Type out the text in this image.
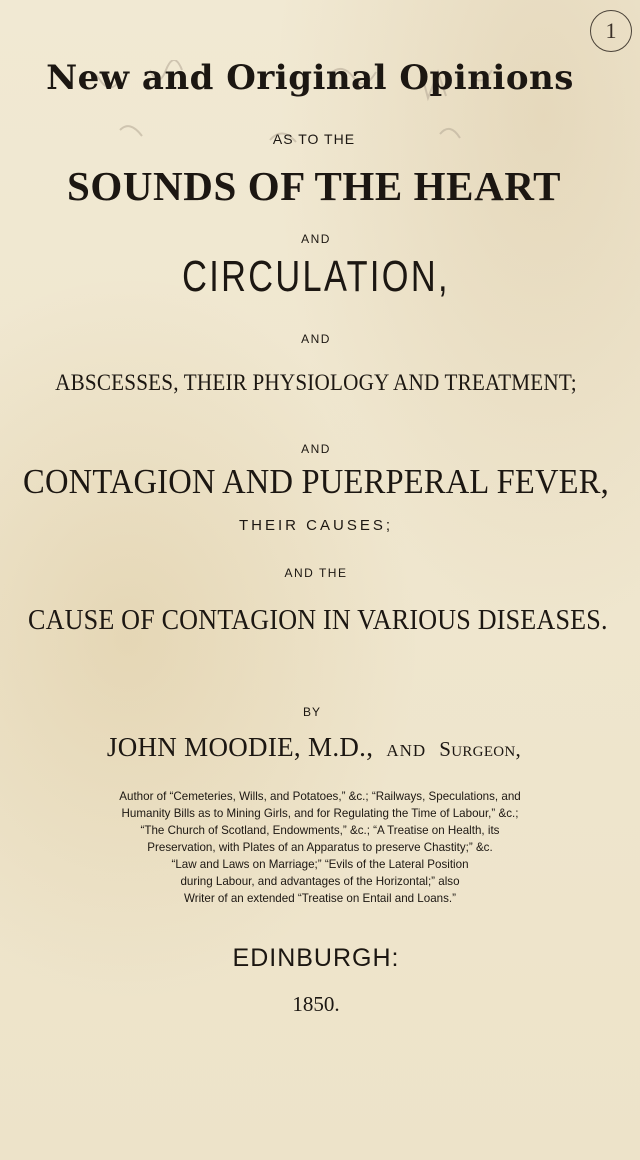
1
New and Original Opinions
AS TO THE
SOUNDS OF THE HEART
AND
CIRCULATION,
AND
ABSCESSES, THEIR PHYSIOLOGY AND TREATMENT;
AND
CONTAGION AND PUERPERAL FEVER,
THEIR CAUSES;
AND THE
CAUSE OF CONTAGION IN VARIOUS DISEASES.
BY
JOHN MOODIE, M.D., AND Surgeon,
Author of “Cemeteries, Wills, and Potatoes,” &c.; “Railways, Speculations, and
Humanity Bills as to Mining Girls, and for Regulating the Time of Labour,” &c.;
“The Church of Scotland, Endowments,” &c.; “A Treatise on Health, its
Preservation, with Plates of an Apparatus to preserve Chastity;” &c.
“Law and Laws on Marriage;” “Evils of the Lateral Position
during Labour, and advantages of the Horizontal;” also
Writer of an extended “Treatise on Entail and Loans.”
EDINBURGH:
1850.
